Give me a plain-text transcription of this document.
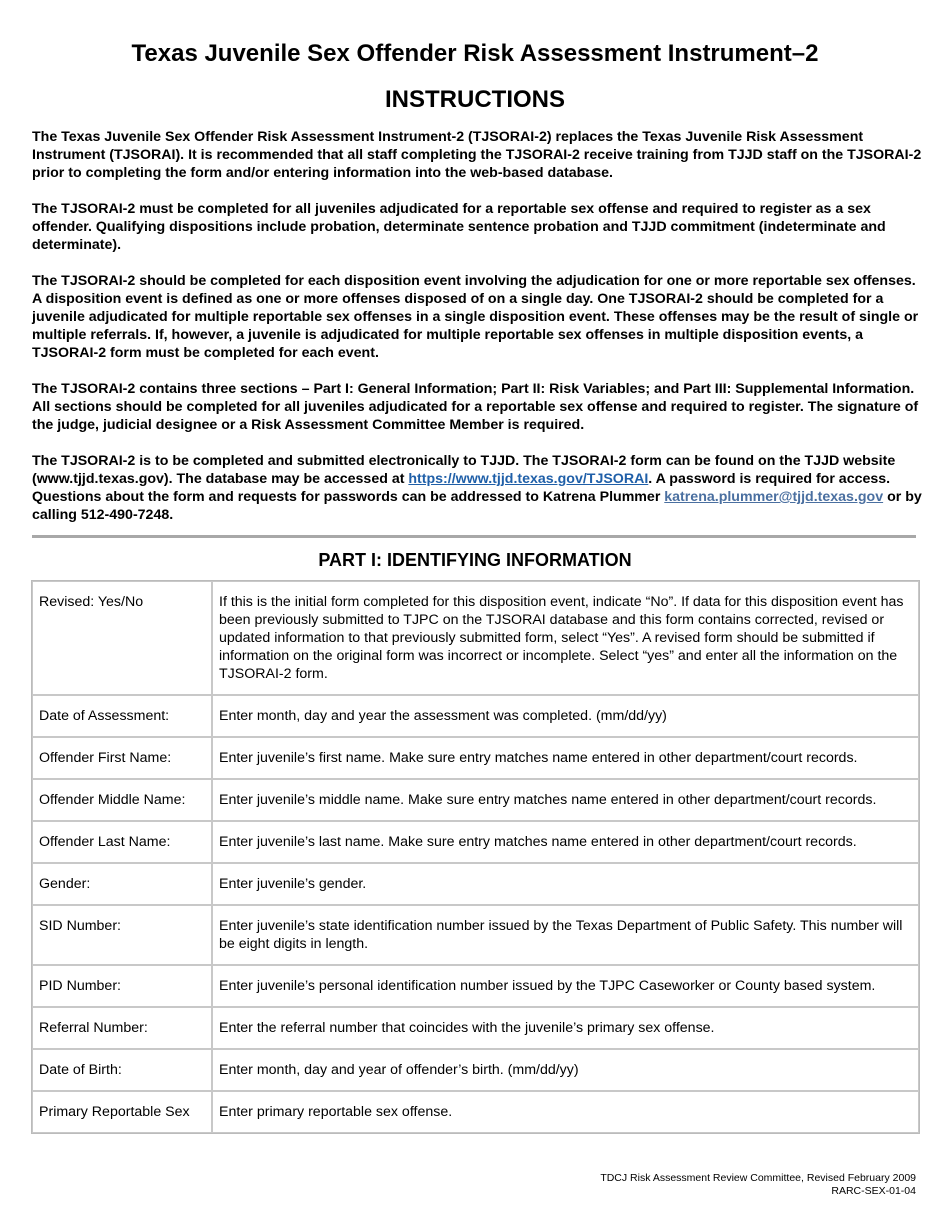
Texas Juvenile Sex Offender Risk Assessment Instrument–2
INSTRUCTIONS

The Texas Juvenile Sex Offender Risk Assessment Instrument-2 (TJSORAI-2) replaces the Texas Juvenile Risk Assessment Instrument (TJSORAI). It is recommended that all staff completing the TJSORAI-2 receive training from TJJD staff on the TJSORAI-2 prior to completing the form and/or entering information into the web-based database.

The TJSORAI-2 must be completed for all juveniles adjudicated for a reportable sex offense and required to register as a sex offender. Qualifying dispositions include probation, determinate sentence probation and TJJD commitment (indeterminate and determinate).

The TJSORAI-2 should be completed for each disposition event involving the adjudication for one or more reportable sex offenses. A disposition event is defined as one or more offenses disposed of on a single day. One TJSORAI-2 should be completed for a juvenile adjudicated for multiple reportable sex offenses in a single disposition event. These offenses may be the result of single or multiple referrals. If, however, a juvenile is adjudicated for multiple reportable sex offenses in multiple disposition events, a TJSORAI-2 form must be completed for each event.

The TJSORAI-2 contains three sections – Part I: General Information; Part II: Risk Variables; and Part III: Supplemental Information. All sections should be completed for all juveniles adjudicated for a reportable sex offense and required to register. The signature of the judge, judicial designee or a Risk Assessment Committee Member is required.

The TJSORAI-2 is to be completed and submitted electronically to TJJD. The TJSORAI-2 form can be found on the TJJD website (www.tjjd.texas.gov). The database may be accessed at https://www.tjjd.texas.gov/TJSORAI. A password is required for access. Questions about the form and requests for passwords can be addressed to Katrena Plummer katrena.plummer@tjjd.texas.gov or by calling 512-490-7248.

PART I: IDENTIFYING INFORMATION
Revised: Yes/No	If this is the initial form completed for this disposition event, indicate “No”. If data for this disposition event has been previously submitted to TJPC on the TJSORAI database and this form contains corrected, revised or updated information to that previously submitted form, select “Yes”. A revised form should be submitted if information on the original form was incorrect or incomplete. Select “yes” and enter all the information on the TJSORAI-2 form.
Date of Assessment:	Enter month, day and year the assessment was completed. (mm/dd/yy)
Offender First Name:	Enter juvenile’s first name. Make sure entry matches name entered in other department/court records.
Offender Middle Name:	Enter juvenile’s middle name. Make sure entry matches name entered in other department/court records.
Offender Last Name:	Enter juvenile’s last name. Make sure entry matches name entered in other department/court records.
Gender:	Enter juvenile’s gender.
SID Number:	Enter juvenile’s state identification number issued by the Texas Department of Public Safety. This number will be eight digits in length.
PID Number:	Enter juvenile’s personal identification number issued by the TJPC Caseworker or County based system.
Referral Number:	Enter the referral number that coincides with the juvenile’s primary sex offense.
Date of Birth:	Enter month, day and year of offender’s birth. (mm/dd/yy)
Primary Reportable Sex	Enter primary reportable sex offense.
TDCJ Risk Assessment Review Committee, Revised February 2009
RARC-SEX-01-04
